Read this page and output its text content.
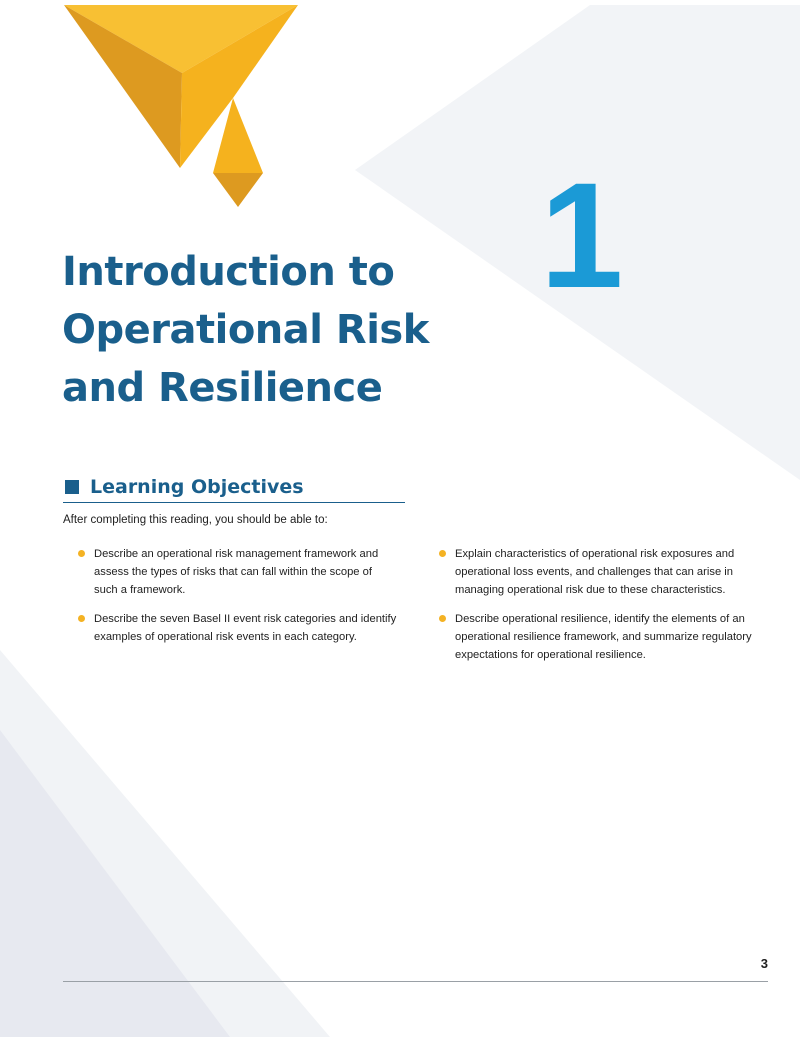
1
Introduction to
Operational Risk
and Resilience
Learning Objectives

After completing this reading, you should be able to:

Describe an operational risk management framework and assess the types of risks that can fall within the scope of such a framework.
Describe the seven Basel II event risk categories and identify examples of operational risk events in each category.
Explain characteristics of operational risk exposures and operational loss events, and challenges that can arise in managing operational risk due to these characteristics.
Describe operational resilience, identify the elements of an operational resilience framework, and summarize regulatory expectations for operational resilience.
3
